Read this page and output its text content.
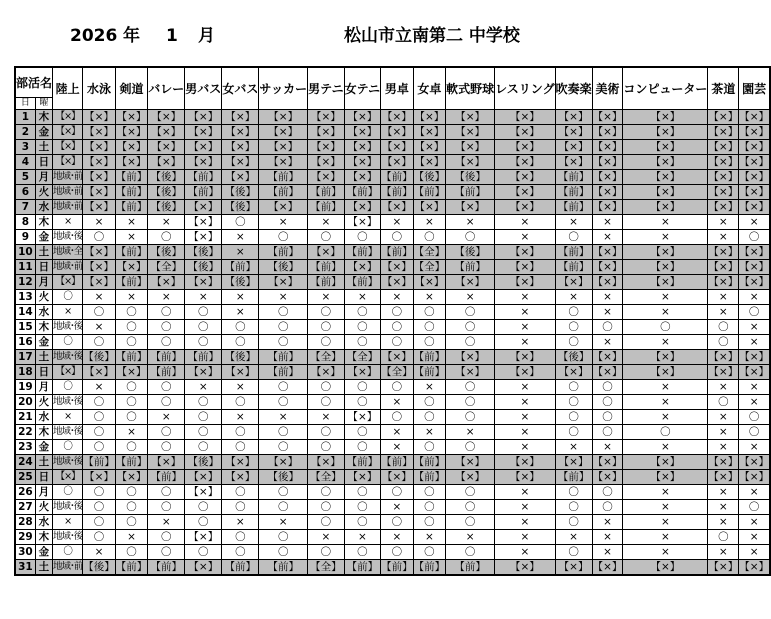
2026 年 1 月	松山市立南第二 中学校
部活名		陸上	水泳	剣道	バレー	男バス	女バス	サッカー	男テニ	女テニ	男卓	女卓	軟式野球	レスリング	吹奏楽	美術	コンピューター	茶道	園芸
日	曜																		
1	木	【×】	【×】	【×】	【×】	【×】	【×】	【×】	【×】	【×】	【×】	【×】	【×】	【×】	【×】	【×】	【×】	【×】	【×】
2	金	【×】	【×】	【×】	【×】	【×】	【×】	【×】	【×】	【×】	【×】	【×】	【×】	【×】	【×】	【×】	【×】	【×】	【×】
3	土	【×】	【×】	【×】	【×】	【×】	【×】	【×】	【×】	【×】	【×】	【×】	【×】	【×】	【×】	【×】	【×】	【×】	【×】
4	日	【×】	【×】	【×】	【×】	【×】	【×】	【×】	【×】	【×】	【×】	【×】	【×】	【×】	【×】	【×】	【×】	【×】	【×】
5	月	地域･前	【×】	【前】	【後】	【前】	【×】	【前】	【×】	【×】	【前】	【後】	【後】	【×】	【前】	【×】	【×】	【×】	【×】
6	火	地域･前	【×】	【前】	【後】	【前】	【後】	【前】	【前】	【前】	【前】	【前】	【前】	【×】	【前】	【×】	【×】	【×】	【×】
7	水	地域･前	【×】	【前】	【後】	【×】	【後】	【×】	【前】	【×】	【×】	【×】	【×】	【×】	【前】	【×】	【×】	【×】	【×】
8	木	×	×	×	×	【×】	〇	×	×	【×】	×	×	×	×	×	×	×	×	×
9	金	地域･後	〇	×	〇	【×】	×	〇	〇	〇	〇	〇	〇	×	〇	×	×	×	〇
10	土	地域･全	【×】	【前】	【後】	【後】	×	【前】	【×】	【前】	【前】	【全】	【後】	【×】	【前】	【×】	【×】	【×】	【×】
11	日	地域･前	【×】	【×】	【全】	【後】	【前】	【後】	【前】	【×】	【×】	【全】	【前】	【×】	【前】	【×】	【×】	【×】	【×】
12	月	【×】	【×】	【前】	【×】	【×】	【後】	【×】	【前】	【前】	【×】	【×】	【×】	【×】	【×】	【×】	【×】	【×】	【×】
13	火	〇	×	×	×	×	×	×	×	×	×	×	×	×	×	×	×	×	×
14	水	×	〇	〇	〇	〇	×	〇	〇	〇	〇	〇	〇	×	〇	×	×	×	〇
15	木	地域･後	×	〇	〇	〇	〇	〇	〇	〇	〇	〇	〇	×	〇	〇	〇	〇	×
16	金	〇	〇	〇	〇	〇	〇	〇	〇	〇	〇	〇	〇	×	〇	×	×	〇	×
17	土	地域･後	【後】	【前】	【前】	【前】	【後】	【前】	【全】	【全】	【×】	【前】	【×】	【×】	【後】	【×】	【×】	【×】	【×】
18	日	【×】	【×】	【×】	【前】	【×】	【×】	【前】	【×】	【×】	【全】	【前】	【×】	【×】	【×】	【×】	【×】	【×】	【×】
19	月	〇	×	〇	〇	×	×	〇	〇	〇	〇	×	〇	×	〇	〇	×	×	×
20	火	地域･後	〇	〇	〇	〇	〇	〇	〇	〇	×	〇	〇	×	〇	〇	×	〇	×
21	水	×	〇	〇	×	〇	×	×	×	【×】	〇	〇	〇	×	〇	〇	×	×	〇
22	木	地域･後	〇	×	〇	〇	〇	〇	〇	〇	×	×	×	×	〇	〇	〇	×	〇
23	金	〇	〇	〇	〇	〇	〇	〇	〇	〇	×	〇	〇	×	×	×	×	×	×
24	土	地域･後	【前】	【前】	【×】	【後】	【×】	【×】	【×】	【前】	【前】	【前】	【×】	【×】	【×】	【×】	【×】	【×】	【×】
25	日	【×】	【×】	【×】	【前】	【×】	【×】	【後】	【全】	【×】	【×】	【前】	【×】	【×】	【前】	【×】	【×】	【×】	【×】
26	月	〇	〇	〇	〇	【×】	〇	〇	〇	〇	〇	〇	〇	×	〇	〇	×	×	×
27	火	地域･後	〇	〇	〇	〇	〇	〇	〇	〇	×	〇	〇	×	〇	〇	×	×	〇
28	水	×	〇	〇	×	〇	×	×	〇	〇	〇	〇	〇	×	〇	×	×	×	×
29	木	地域･後	〇	×	〇	【×】	〇	〇	×	×	×	×	×	×	×	×	×	〇	×
30	金	〇	×	〇	〇	〇	〇	〇	〇	〇	〇	〇	〇	×	〇	×	×	×	×
31	土	地域･前	【後】	【前】	【前】	【×】	【前】	【前】	【全】	【前】	【前】	【前】	【前】	【×】	【×】	【×】	【×】	【×】	【×】
